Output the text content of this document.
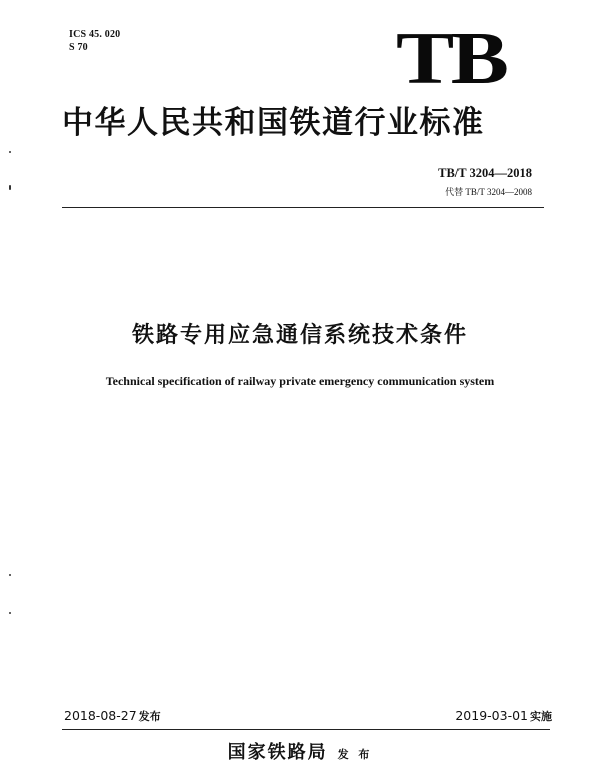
ICS 45. 020
S 70	TB
中华人民共和国铁道行业标准
TB/T 3204—2018
代替 TB/T 3204—2008
铁路专用应急通信系统技术条件
Technical specification of railway private emergency communication system
2018-08-27 发布	2019-03-01 实施
国家铁路局 发 布
